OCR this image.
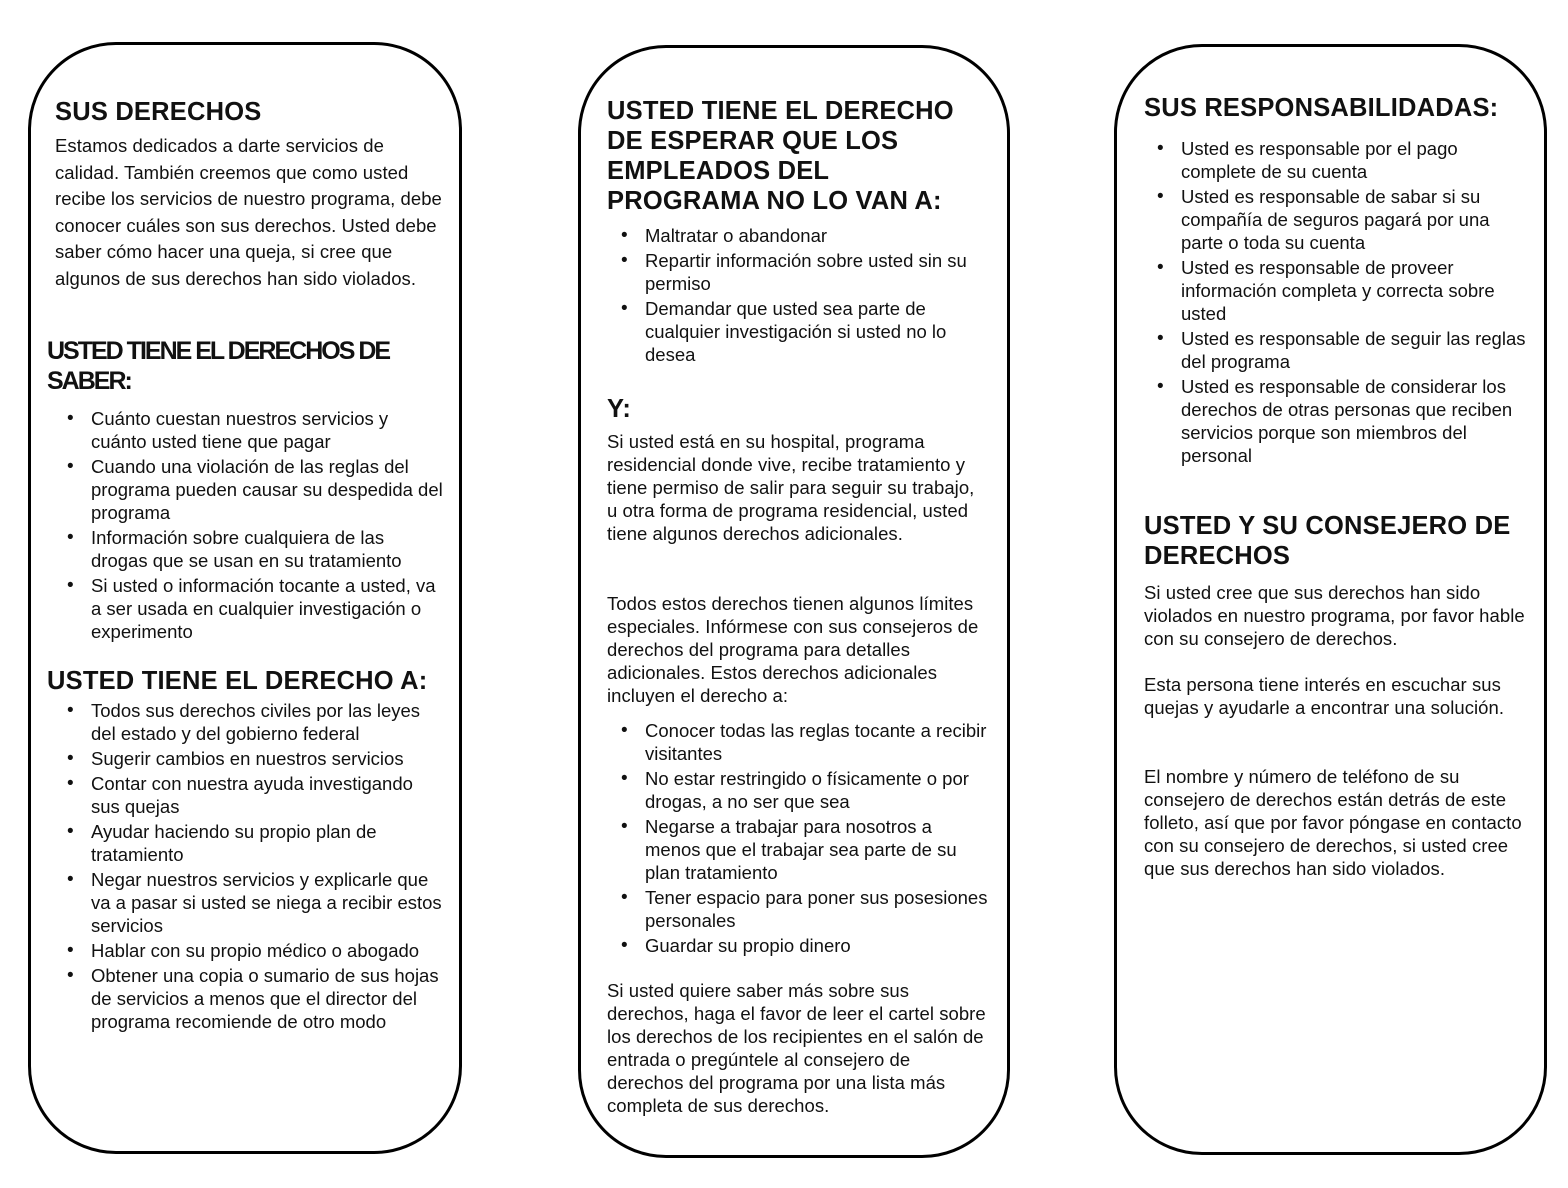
SUS DERECHOS

Estamos dedicados a darte servicios de calidad. También creemos que como usted recibe los servicios de nuestro programa, debe conocer cuáles son sus derechos. Usted debe saber cómo hacer una queja, si cree que algunos de sus derechos han sido violados.

USTED TIENE EL DERECHOS DE SABER:
• Cuánto cuestan nuestros servicios y cuánto usted tiene que pagar
• Cuando una violación de las reglas del programa pueden causar su despedida del programa
• Información sobre cualquiera de las drogas que se usan en su tratamiento
• Si usted o información tocante a usted, va a ser usada en cualquier investigación o experimento
USTED TIENE EL DERECHO A:
• Todos sus derechos civiles por las leyes del estado y del gobierno federal
• Sugerir cambios en nuestros servicios
• Contar con nuestra ayuda investigando sus quejas
• Ayudar haciendo su propio plan de tratamiento
• Negar nuestros servicios y explicarle que va a pasar si usted se niega a recibir estos servicios
• Hablar con su propio médico o abogado
• Obtener una copia o sumario de sus hojas de servicios a menos que el director del programa recomiende de otro modo
USTED TIENE EL DERECHO DE ESPERAR QUE LOS EMPLEADOS DEL PROGRAMA NO LO VAN A:
• Maltratar o abandonar
• Repartir información sobre usted sin su permiso
• Demandar que usted sea parte de cualquier investigación si usted no lo desea
Y:

Si usted está en su hospital, programa residencial donde vive, recibe tratamiento y tiene permiso de salir para seguir su trabajo, u otra forma de programa residencial, usted tiene algunos derechos adicionales.

Todos estos derechos tienen algunos límites especiales. Infórmese con sus consejeros de derechos del programa para detalles adicionales. Estos derechos adicionales incluyen el derecho a:

• Conocer todas las reglas tocante a recibir visitantes
• No estar restringido o físicamente o por drogas, a no ser que sea
• Negarse a trabajar para nosotros a menos que el trabajar sea parte de su plan tratamiento
• Tener espacio para poner sus posesiones personales
• Guardar su propio dinero

Si usted quiere saber más sobre sus derechos, haga el favor de leer el cartel sobre los derechos de los recipientes en el salón de entrada o pregúntele al consejero de derechos del programa por una lista más completa de sus derechos.

SUS RESPONSABILIDADAS:
• Usted es responsable por el pago complete de su cuenta
• Usted es responsable de sabar si su compañía de seguros pagará por una parte o toda su cuenta
• Usted es responsable de proveer información completa y correcta sobre usted
• Usted es responsable de seguir las reglas del programa
• Usted es responsable de considerar los derechos de otras personas que reciben servicios porque son miembros del personal
USTED Y SU CONSEJERO DE DERECHOS

Si usted cree que sus derechos han sido violados en nuestro programa, por favor hable con su consejero de derechos.

Esta persona tiene interés en escuchar sus quejas y ayudarle a encontrar una solución.

El nombre y número de teléfono de su consejero de derechos están detrás de este folleto, así que por favor póngase en contacto con su consejero de derechos, si usted cree que sus derechos han sido violados.
